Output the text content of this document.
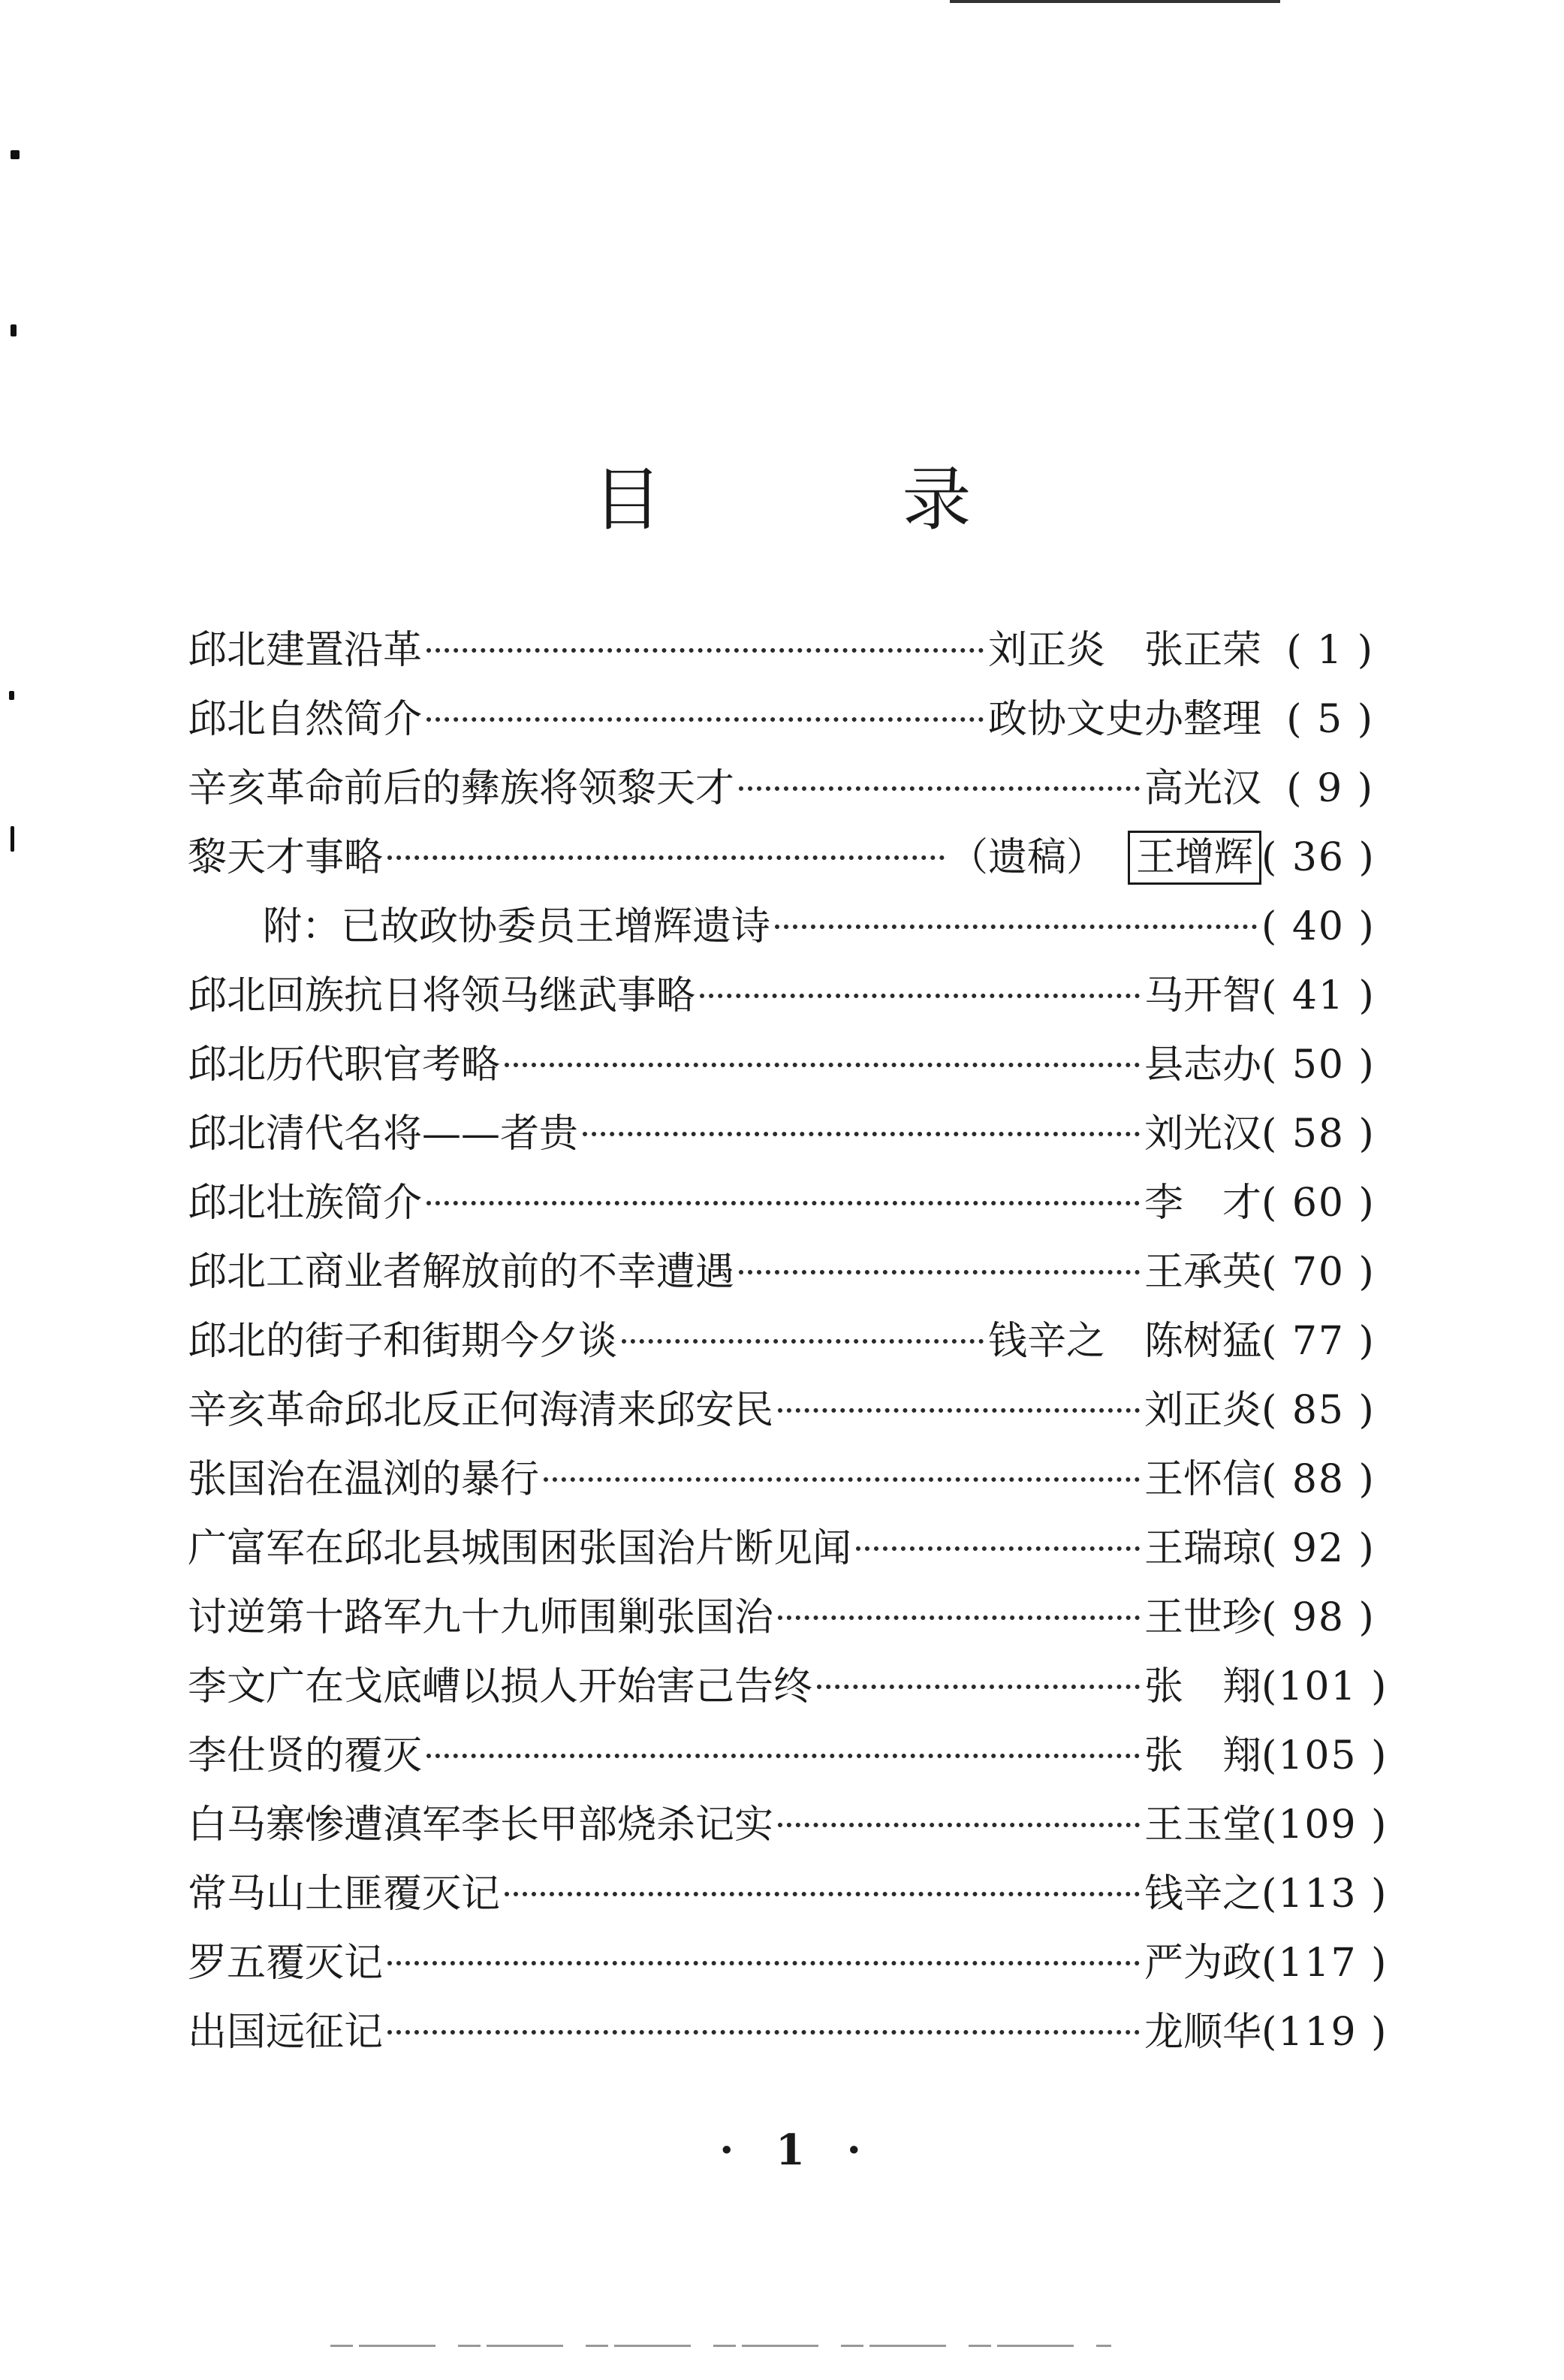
目	录
邱北建置沿革	刘正炎　张正荣 ( 1 )
邱北自然简介	政协文史办整理 ( 5 )
辛亥革命前后的彝族将领黎天才	高光汉 ( 9 )
黎天才事略	（遗稿） 王增辉 ( 36 )
附：已故政协委员王增辉遗诗	( 40 )
邱北回族抗日将领马继武事略	马开智 ( 41 )
邱北历代职官考略	县志办 ( 50 )
邱北清代名将——者贵	刘光汉 ( 58 )
邱北壮族简介	李　才 ( 60 )
邱北工商业者解放前的不幸遭遇	王承英 ( 70 )
邱北的街子和街期今夕谈	钱辛之　陈树猛 ( 77 )
辛亥革命邱北反正何海清来邱安民	刘正炎 ( 85 )
张国治在温浏的暴行	王怀信 ( 88 )
广富军在邱北县城围困张国治片断见闻	王瑞琼 ( 92 )
讨逆第十路军九十九师围剿张国治	王世珍 ( 98 )
李文广在戈底嶆以损人开始害己告终	张　翔 (101 )
李仕贤的覆灭	张　翔 (105 )
白马寨惨遭滇军李长甲部烧杀记实	王玉堂 (109 )
常马山土匪覆灭记	钱辛之 (113 )
罗五覆灭记	严为政 (117 )
出国远征记	龙顺华 (119 )
· 1 ·
